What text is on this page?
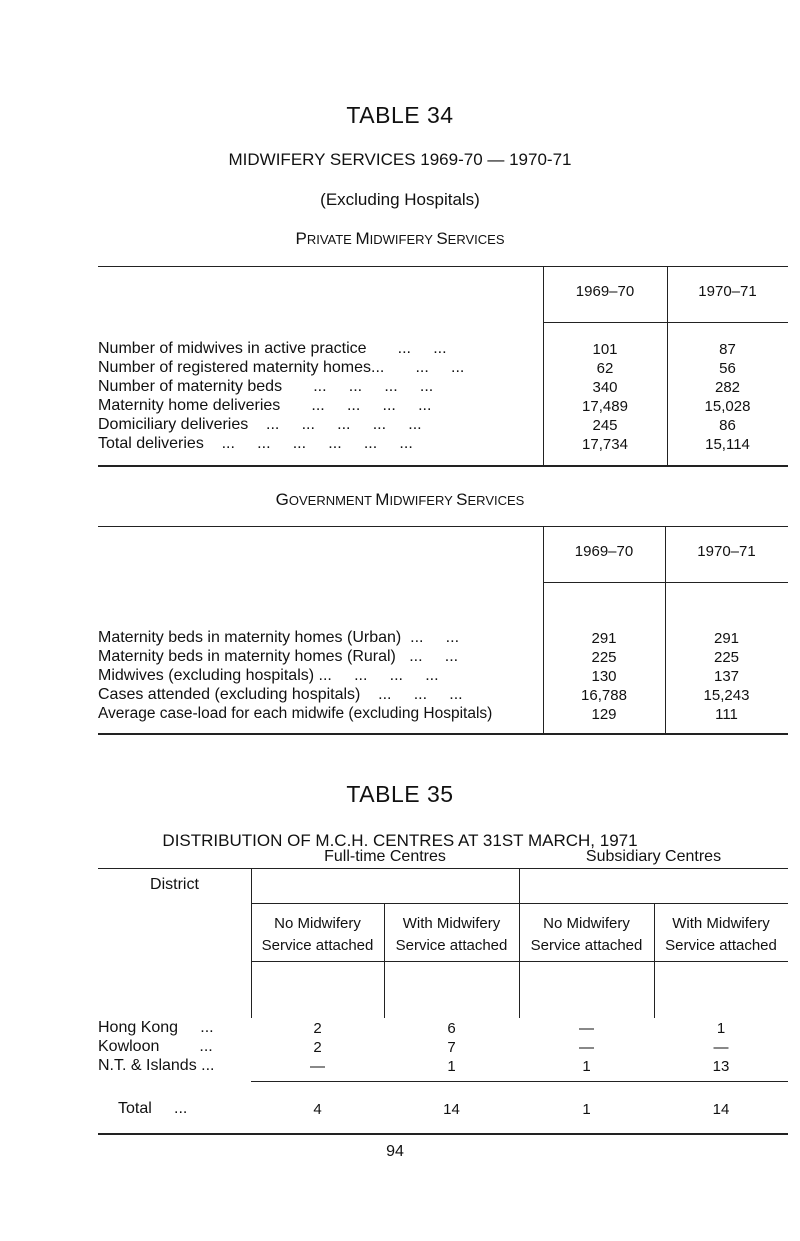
TABLE 34
MIDWIFERY SERVICES 1969-70 — 1970-71
(Excluding Hospitals)
PRIVATE MIDWIFERY SERVICES
1969–70	1970–71
Number of midwives in active practice       ...     ...	101	87
Number of registered maternity homes...       ...     ...	62	56
Number of maternity beds       ...     ...     ...     ...	340	282
Maternity home deliveries       ...     ...     ...     ...	17,489	15,028
Domiciliary deliveries    ...     ...     ...     ...     ...	245	86
Total deliveries    ...     ...     ...     ...     ...     ...	17,734	15,114
GOVERNMENT MIDWIFERY SERVICES
1969–70	1970–71
Maternity beds in maternity homes (Urban)  ...     ...	291	291
Maternity beds in maternity homes (Rural)   ...     ...	225	225
Midwives (excluding hospitals) ...     ...     ...     ...	130	137
Cases attended (excluding hospitals)    ...     ...     ...	16,788	15,243
Average case-load for each midwife (excluding Hospitals)	129	111
TABLE 35
DISTRIBUTION OF M.C.H. CENTRES AT 31ST MARCH, 1971
District
Full-time Centres	Subsidiary Centres
No Midwifery
Service attached
With Midwifery
Service attached
No Midwifery
Service attached
With Midwifery
Service attached
Hong Kong     ...	2	6	—	1
Kowloon         ...	2	7	—	—
N.T. & Islands ...	—	1	1	13
Total     ...	4	14	1	14
94
